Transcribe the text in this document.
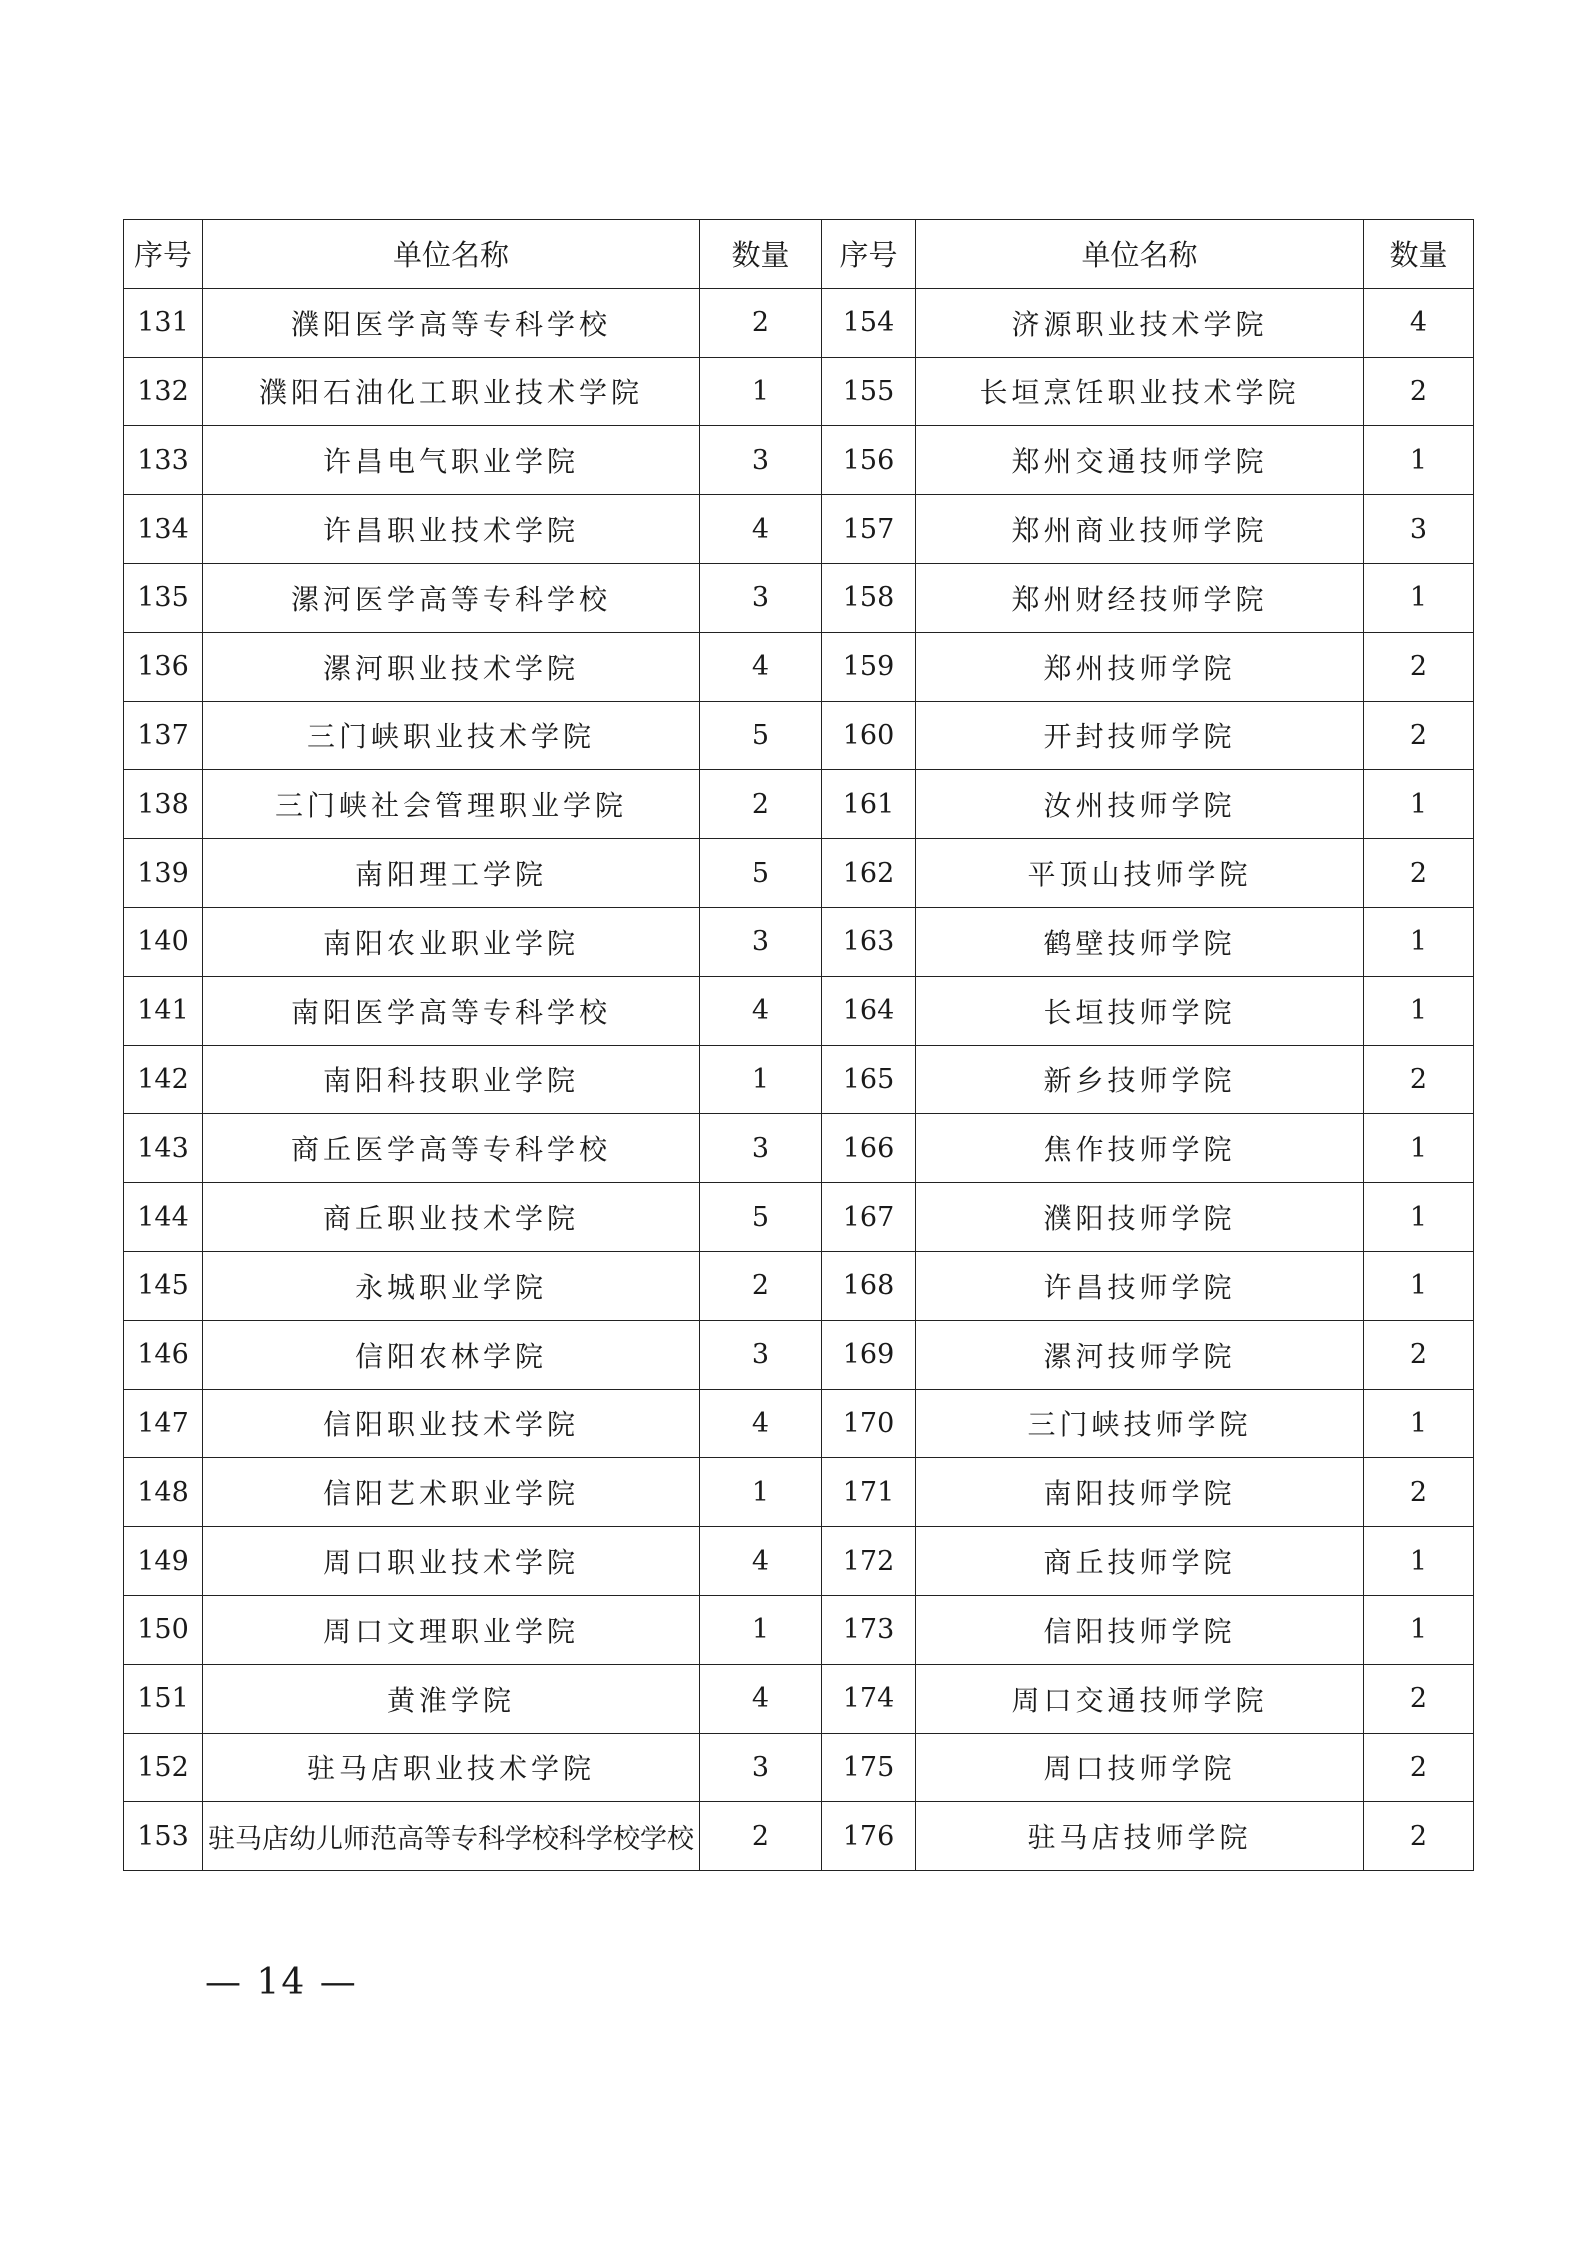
序号	单位名称	数量	序号	单位名称	数量
131	濮阳医学高等专科学校	2	154	济源职业技术学院	4
132	濮阳石油化工职业技术学院	1	155	长垣烹饪职业技术学院	2
133	许昌电气职业学院	3	156	郑州交通技师学院	1
134	许昌职业技术学院	4	157	郑州商业技师学院	3
135	漯河医学高等专科学校	3	158	郑州财经技师学院	1
136	漯河职业技术学院	4	159	郑州技师学院	2
137	三门峡职业技术学院	5	160	开封技师学院	2
138	三门峡社会管理职业学院	2	161	汝州技师学院	1
139	南阳理工学院	5	162	平顶山技师学院	2
140	南阳农业职业学院	3	163	鹤壁技师学院	1
141	南阳医学高等专科学校	4	164	长垣技师学院	1
142	南阳科技职业学院	1	165	新乡技师学院	2
143	商丘医学高等专科学校	3	166	焦作技师学院	1
144	商丘职业技术学院	5	167	濮阳技师学院	1
145	永城职业学院	2	168	许昌技师学院	1
146	信阳农林学院	3	169	漯河技师学院	2
147	信阳职业技术学院	4	170	三门峡技师学院	1
148	信阳艺术职业学院	1	171	南阳技师学院	2
149	周口职业技术学院	4	172	商丘技师学院	1
150	周口文理职业学院	1	173	信阳技师学院	1
151	黄淮学院	4	174	周口交通技师学院	2
152	驻马店职业技术学院	3	175	周口技师学院	2
153	驻马店幼儿师范高等专科学校科学校学校	2	176	驻马店技师学院	2
— 14 —
